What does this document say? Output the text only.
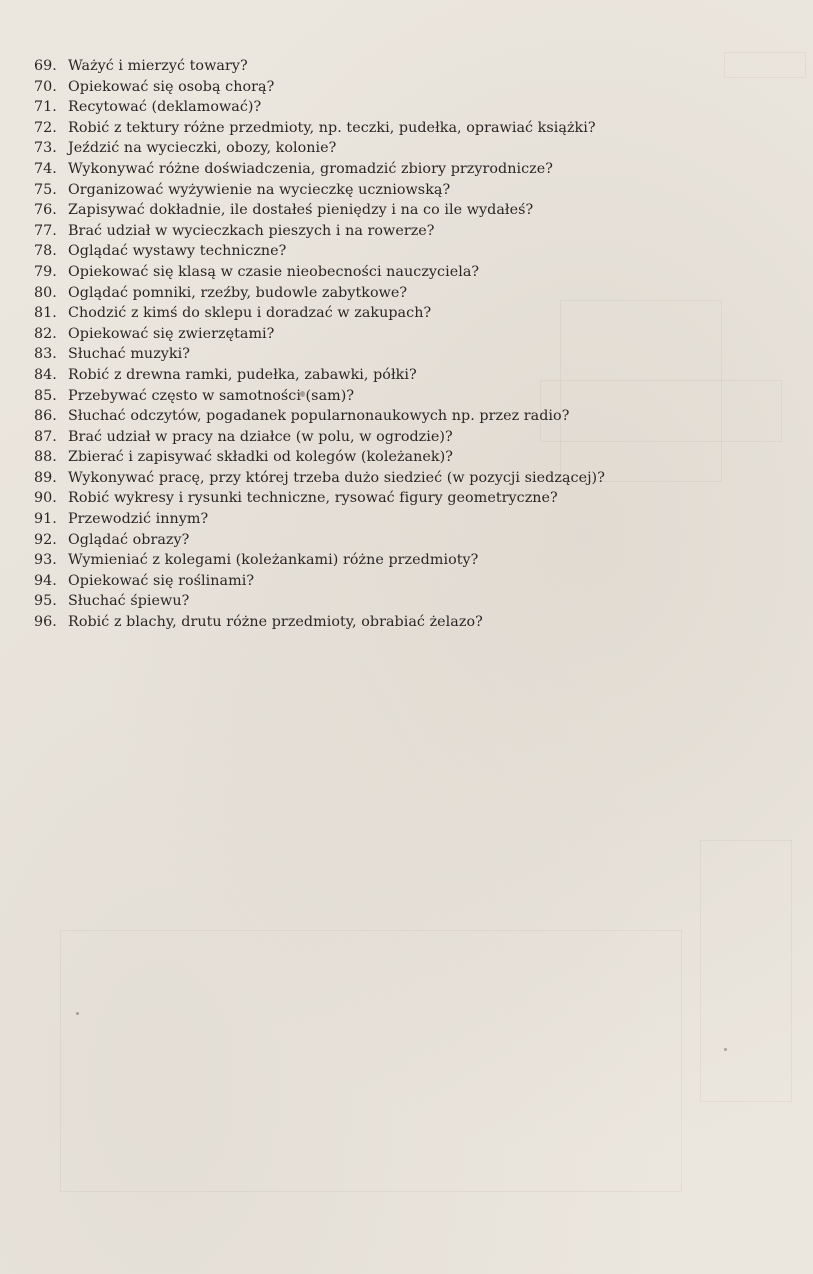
69. Ważyć i mierzyć towary?
70. Opiekować się osobą chorą?
71. Recytować (deklamować)?
72. Robić z tektury różne przedmioty, np. teczki, pudełka, oprawiać książki?
73. Jeździć na wycieczki, obozy, kolonie?
74. Wykonywać różne doświadczenia, gromadzić zbiory przyrodnicze?
75. Organizować wyżywienie na wycieczkę uczniowską?
76. Zapisywać dokładnie, ile dostałeś pieniędzy i na co ile wydałeś?
77. Brać udział w wycieczkach pieszych i na rowerze?
78. Oglądać wystawy techniczne?
79. Opiekować się klasą w czasie nieobecności nauczyciela?
80. Oglądać pomniki, rzeźby, budowle zabytkowe?
81. Chodzić z kimś do sklepu i doradzać w zakupach?
82. Opiekować się zwierzętami?
83. Słuchać muzyki?
84. Robić z drewna ramki, pudełka, zabawki, półki?
85. Przebywać często w samotności (sam)?
86. Słuchać odczytów, pogadanek popularnonaukowych np. przez radio?
87. Brać udział w pracy na działce (w polu, w ogrodzie)?
88. Zbierać i zapisywać składki od kolegów (koleżanek)?
89. Wykonywać pracę, przy której trzeba dużo siedzieć (w pozycji siedzącej)?
90. Robić wykresy i rysunki techniczne, rysować figury geometryczne?
91. Przewodzić innym?
92. Oglądać obrazy?
93. Wymieniać z kolegami (koleżankami) różne przedmioty?
94. Opiekować się roślinami?
95. Słuchać śpiewu?
96. Robić z blachy, drutu różne przedmioty, obrabiać żelazo?
